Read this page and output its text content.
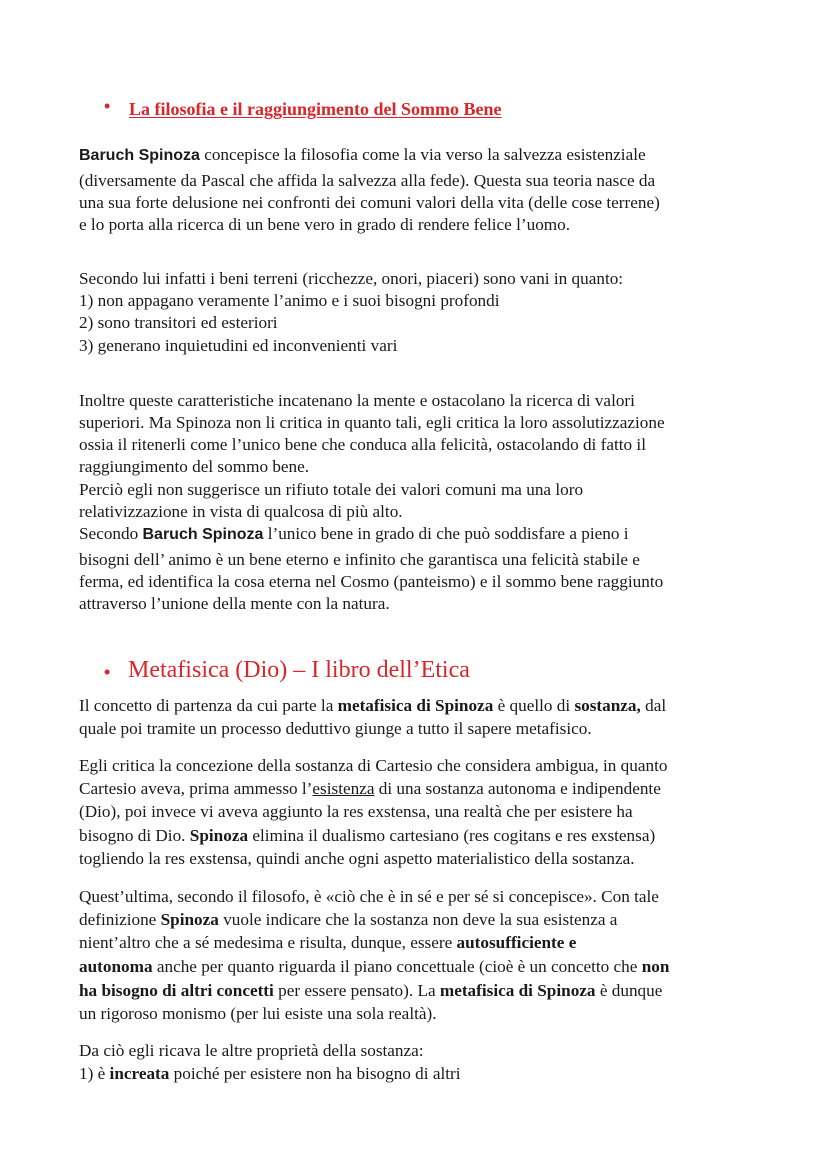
• La filosofia e il raggiungimento del Sommo Bene
Baruch Spinoza concepisce la filosofia come la via verso la salvezza esistenziale
(diversamente da Pascal che affida la salvezza alla fede). Questa sua teoria nasce da
una sua forte delusione nei confronti dei comuni valori della vita (delle cose terrene)
e lo porta alla ricerca di un bene vero in grado di rendere felice l’uomo.
Secondo lui infatti i beni terreni (ricchezze, onori, piaceri) sono vani in quanto:
1) non appagano veramente l’animo e i suoi bisogni profondi
2) sono transitori ed esteriori
3) generano inquietudini ed inconvenienti vari
Inoltre queste caratteristiche incatenano la mente e ostacolano la ricerca di valori
superiori. Ma Spinoza non li critica in quanto tali, egli critica la loro assolutizzazione
ossia il ritenerli come l’unico bene che conduca alla felicità, ostacolando di fatto il
raggiungimento del sommo bene.
Perciò egli non suggerisce un rifiuto totale dei valori comuni ma una loro
relativizzazione in vista di qualcosa di più alto.
Secondo Baruch Spinoza l’unico bene in grado di che può soddisfare a pieno i
bisogni dell’ animo è un bene eterno e infinito che garantisca una felicità stabile e
ferma, ed identifica la cosa eterna nel Cosmo (panteismo) e il sommo bene raggiunto
attraverso l’unione della mente con la natura.
• Metafisica (Dio) – I libro dell’Etica
Il concetto di partenza da cui parte la metafisica di Spinoza è quello di sostanza, dal
quale poi tramite un processo deduttivo giunge a tutto il sapere metafisico.
Egli critica la concezione della sostanza di Cartesio che considera ambigua, in quanto
Cartesio aveva, prima ammesso l’esistenza di una sostanza autonoma e indipendente
(Dio), poi invece vi aveva aggiunto la res exstensa, una realtà che per esistere ha
bisogno di Dio. Spinoza elimina il dualismo cartesiano (res cogitans e res exstensa)
togliendo la res exstensa, quindi anche ogni aspetto materialistico della sostanza.
Quest’ultima, secondo il filosofo, è «ciò che è in sé e per sé si concepisce». Con tale
definizione Spinoza vuole indicare che la sostanza non deve la sua esistenza a
nient’altro che a sé medesima e risulta, dunque, essere autosufficiente e
autonoma anche per quanto riguarda il piano concettuale (cioè è un concetto che non
ha bisogno di altri concetti per essere pensato). La metafisica di Spinoza è dunque
un rigoroso monismo (per lui esiste una sola realtà).
Da ciò egli ricava le altre proprietà della sostanza:
1) è increata poiché per esistere non ha bisogno di altri
